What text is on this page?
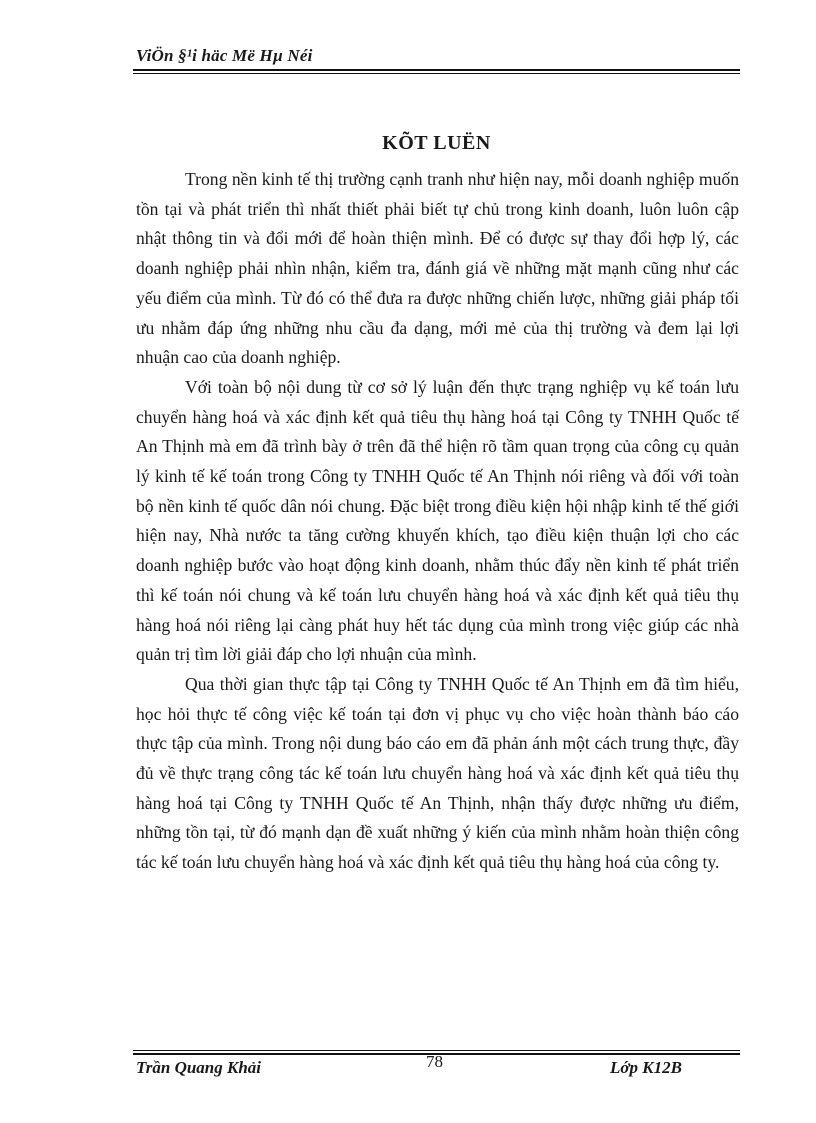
ViÖn §¹i häc Më Hµ Néi
KÕT LUËN

Trong nền kinh tế thị trường cạnh tranh như hiện nay, mỗi doanh nghiệp muốn tồn tại và phát triển thì nhất thiết phải biết tự chủ trong kinh doanh, luôn luôn cập nhật thông tin và đổi mới để hoàn thiện mình. Để có được sự thay đổi hợp lý, các doanh nghiệp phải nhìn nhận, kiểm tra, đánh giá về những mặt mạnh cũng như các yếu điểm của mình. Từ đó có thể đưa ra được những chiến lược, những giải pháp tối ưu nhằm đáp ứng những nhu cầu đa dạng, mới mẻ của thị trường và đem lại lợi nhuận cao của doanh nghiệp.

Với toàn bộ nội dung từ cơ sở lý luận đến thực trạng nghiệp vụ kế toán lưu chuyển hàng hoá và xác định kết quả tiêu thụ hàng hoá tại Công ty TNHH Quốc tế An Thịnh mà em đã trình bày ở trên đã thể hiện rõ tầm quan trọng của công cụ quản lý kinh tế kế toán trong Công ty TNHH Quốc tế An Thịnh nói riêng và đối với toàn bộ nền kinh tế quốc dân nói chung. Đặc biệt trong điều kiện hội nhập kinh tế thế giới hiện nay, Nhà nước ta tăng cường khuyến khích, tạo điều kiện thuận lợi cho các doanh nghiệp bước vào hoạt động kinh doanh, nhằm thúc đẩy nền kinh tế phát triển thì kế toán nói chung và kế toán lưu chuyển hàng hoá và xác định kết quả tiêu thụ hàng hoá nói riêng lại càng phát huy hết tác dụng của mình trong việc giúp các nhà quản trị tìm lời giải đáp cho lợi nhuận của mình.

Qua thời gian thực tập tại Công ty TNHH Quốc tế An Thịnh em đã tìm hiểu, học hỏi thực tế công việc kế toán tại đơn vị phục vụ cho việc hoàn thành báo cáo thực tập của mình. Trong nội dung báo cáo em đã phản ánh một cách trung thực, đầy đủ về thực trạng công tác kế toán lưu chuyển hàng hoá và xác định kết quả tiêu thụ hàng hoá tại Công ty TNHH Quốc tế An Thịnh, nhận thấy được những ưu điểm, những tồn tại, từ đó mạnh dạn đề xuất những ý kiến của mình nhằm hoàn thiện công tác kế toán lưu chuyển hàng hoá và xác định kết quả tiêu thụ hàng hoá của công ty.

Trần Quang Khải	78	Lớp K12B
